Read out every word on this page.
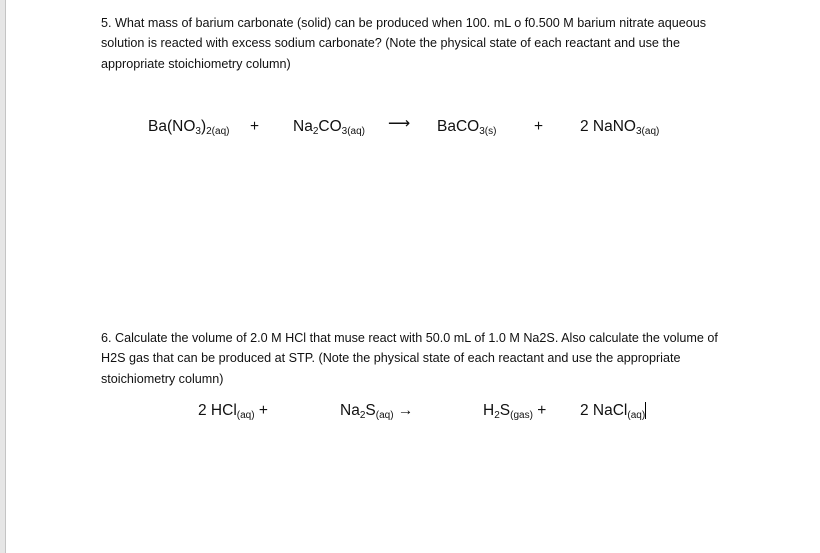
5. What mass of barium carbonate (solid) can be produced when 100. mL o f0.500 M barium nitrate aqueous solution is reacted with excess sodium carbonate? (Note the physical state of each reactant and use the appropriate stoichiometry column)
$Ba(NO_3)_{2(aq)} + Na_2CO_{3(aq)}$ ⟶ BaCO$_{3(s)}$ + 2 NaNO$_{3(aq)}$
6. Calculate the volume of 2.0 M HCl that muse react with 50.0 mL of 1.0 M Na2S. Also calculate the volume of H2S gas that can be produced at STP. (Note the physical state of each reactant and use the appropriate stoichiometry column)
2 HCl$_{(aq)}$ +	$Na_2S_{(aq)}$ →	$H_2S_{(gas)} + 2$ NaCl$_{(aq)}$
